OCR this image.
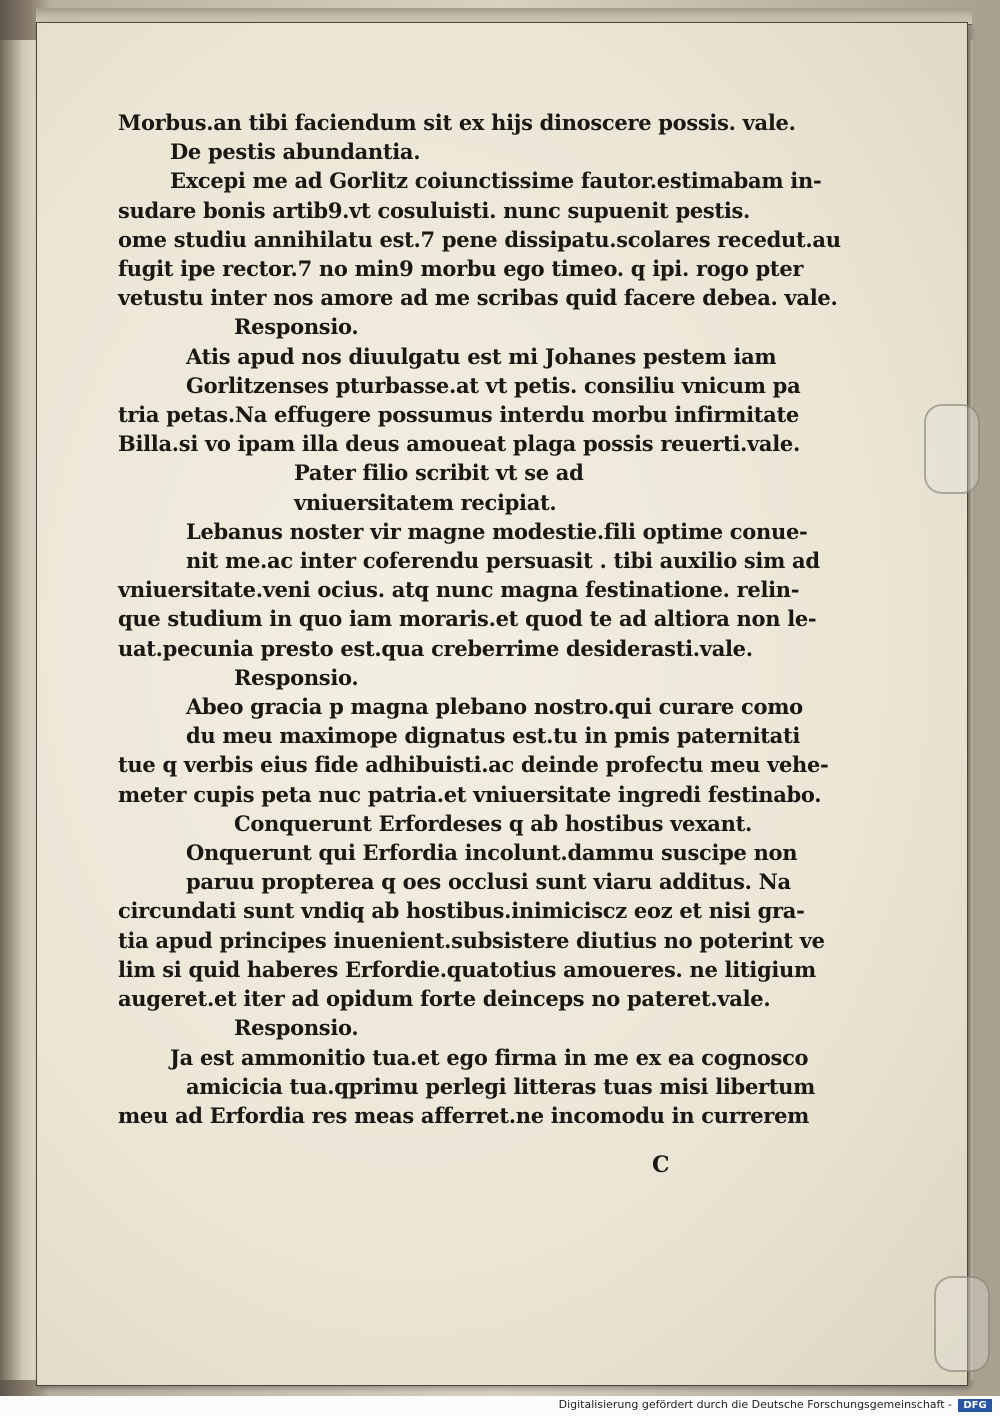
Morbus.an tibi faciendum sit ex hijs dinoscere possis. vale.
De pestis abundantia.
Excepi me ad Gorlitz coiunctissime fautor.estimabam in-
sudare bonis artib9.vt cosuluisti. nunc supuenit pestis.
ome studiu annihilatu est.7 pene dissipatu.scolares recedut.au
fugit ipe rector.7 no min9 morbu ego timeo. q ipi. rogo pter
vetustu inter nos amore ad me scribas quid facere debea. vale.
Responsio.
Atis apud nos diuulgatu est mi Johanes pestem iam
Gorlitzenses pturbasse.at vt petis. consiliu vnicum pa
tria petas.Na effugere possumus interdu morbu infirmitate
Billa.si vo ipam illa deus amoueat plaga possis reuerti.vale.
Pater filio scribit vt se ad
vniuersitatem recipiat.
Lebanus noster vir magne modestie.fili optime conue-
nit me.ac inter coferendu persuasit . tibi auxilio sim ad
vniuersitate.veni ocius. atq nunc magna festinatione. relin-
que studium in quo iam moraris.et quod te ad altiora non le-
uat.pecunia presto est.qua creberrime desiderasti.vale.
Responsio.
Abeo gracia p magna plebano nostro.qui curare como
du meu maximope dignatus est.tu in pmis paternitati
tue q verbis eius fide adhibuisti.ac deinde profectu meu vehe-
meter cupis peta nuc patria.et vniuersitate ingredi festinabo.
Conquerunt Erfordeses q ab hostibus vexant.
Onquerunt qui Erfordia incolunt.dammu suscipe non
paruu propterea q oes occlusi sunt viaru additus. Na
circundati sunt vndiq ab hostibus.inimiciscz eoz et nisi gra-
tia apud principes inuenient.subsistere diutius no poterint ve
lim si quid haberes Erfordie.quatotius amoueres. ne litigium
augeret.et iter ad opidum forte deinceps no pateret.vale.
Responsio.
Ja est ammonitio tua.et ego firma in me ex ea cognosco
amicicia tua.qprimu perlegi litteras tuas misi libertum
meu ad Erfordia res meas afferret.ne incomodu in currerem
C
Digitalisierung gefördert durch die Deutsche Forschungsgemeinschaft -	DFG
